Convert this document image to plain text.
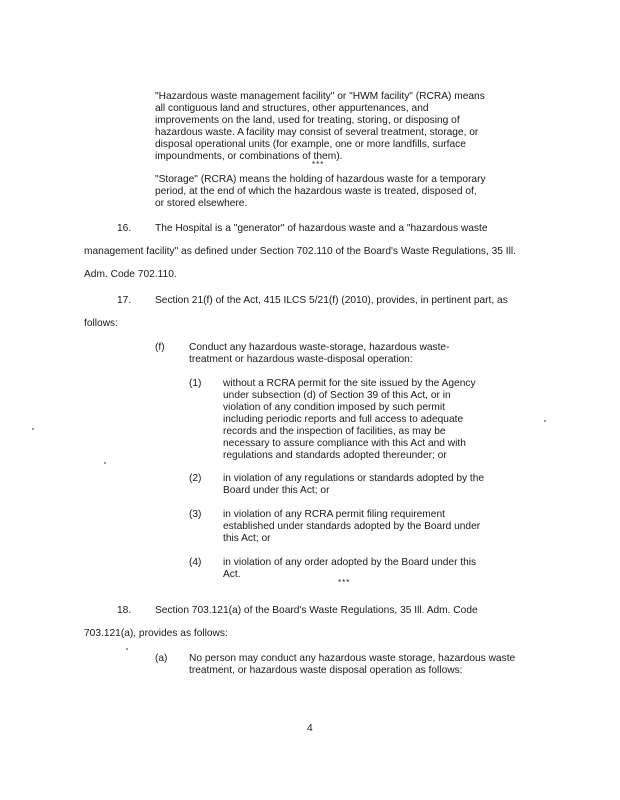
"Hazardous waste management facility" or "HWM facility" (RCRA) means
all contiguous land and structures, other appurtenances, and
improvements on the land, used for treating, storing, or disposing of
hazardous waste. A facility may consist of several treatment, storage, or
disposal operational units (for example, one or more landfills, surface
impoundments, or combinations of them).
***
"Storage" (RCRA) means the holding of hazardous waste for a temporary
period, at the end of which the hazardous waste is treated, disposed of,
or stored elsewhere.
16. The Hospital is a "generator" of hazardous waste and a "hazardous waste
management facility" as defined under Section 702.110 of the Board's Waste Regulations, 35 Ill.
Adm. Code 702.110.
17. Section 21(f) of the Act, 415 ILCS 5/21(f) (2010), provides, in pertinent part, as
follows:
(f) Conduct any hazardous waste-storage, hazardous waste-
treatment or hazardous waste-disposal operation:
(1) without a RCRA permit for the site issued by the Agency
under subsection (d) of Section 39 of this Act, or in
violation of any condition imposed by such permit
including periodic reports and full access to adequate
records and the inspection of facilities, as may be
necessary to assure compliance with this Act and with
regulations and standards adopted thereunder; or
(2) in violation of any regulations or standards adopted by the
Board under this Act; or
(3) in violation of any RCRA permit filing requirement
established under standards adopted by the Board under
this Act; or
(4) in violation of any order adopted by the Board under this
Act.
***
18. Section 703.121(a) of the Board's Waste Regulations, 35 Ill. Adm. Code
703.121(a), provides as follows:
(a) No person may conduct any hazardous waste storage, hazardous waste
treatment, or hazardous waste disposal operation as follows:
4
